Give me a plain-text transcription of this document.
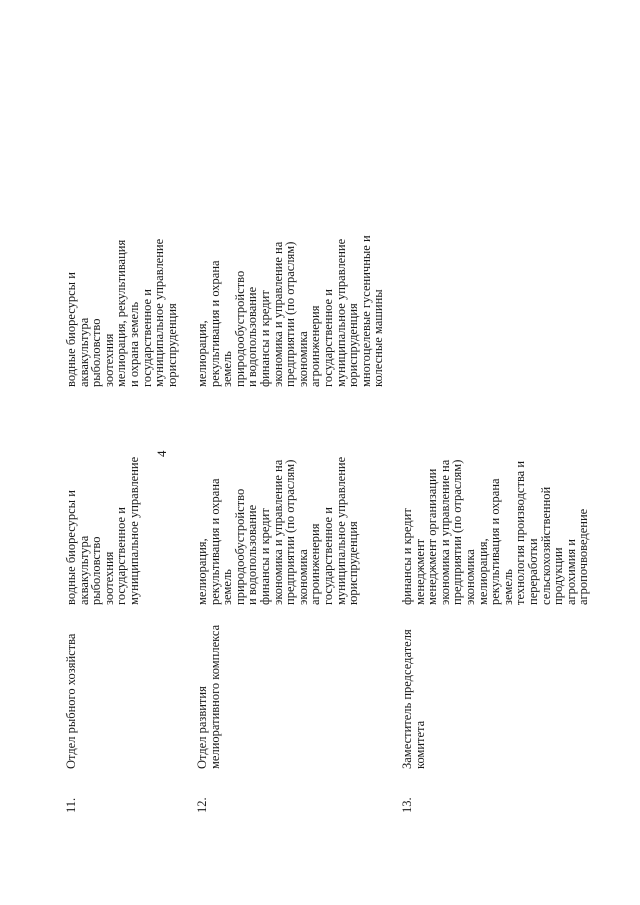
4
11.
Отдел рыбного хозяйства
водные биоресурсы и
аквакультура
рыболовство
зоотехния
государственное и
муниципальное управление
водные биоресурсы и
аквакультура
рыболовство
зоотехния
мелиорация, рекультивация
и охрана земель
государственное и
муниципальное управление
юриспруденция
12.
Отдел развития мелиоративного комплекса
мелиорация,
рекультивация и охрана
земель
природообустройство
и водопользование
финансы и кредит
экономика и управление на
предприятии (по отраслям)
экономика
агроинженерия
государственное и
муниципальное управление
юриспруденция
мелиорация,
рекультивация и охрана
земель
природообустройство
и водопользование
финансы и кредит
экономика и управление на
предприятии (по отраслям)
экономика
агроинженерия
государственное и
муниципальное управление
юриспруденция
многоцелевые гусеничные и
колесные машины
13.
Заместитель председателя комитета
финансы и кредит
менеджмент
менеджмент организации
экономика и управление на
предприятии (по отраслям)
экономика
мелиорация,
рекультивация и охрана
земель
технология производства и
переработки
сельскохозяйственной
продукции
агрохимия и
агропочвоведение
